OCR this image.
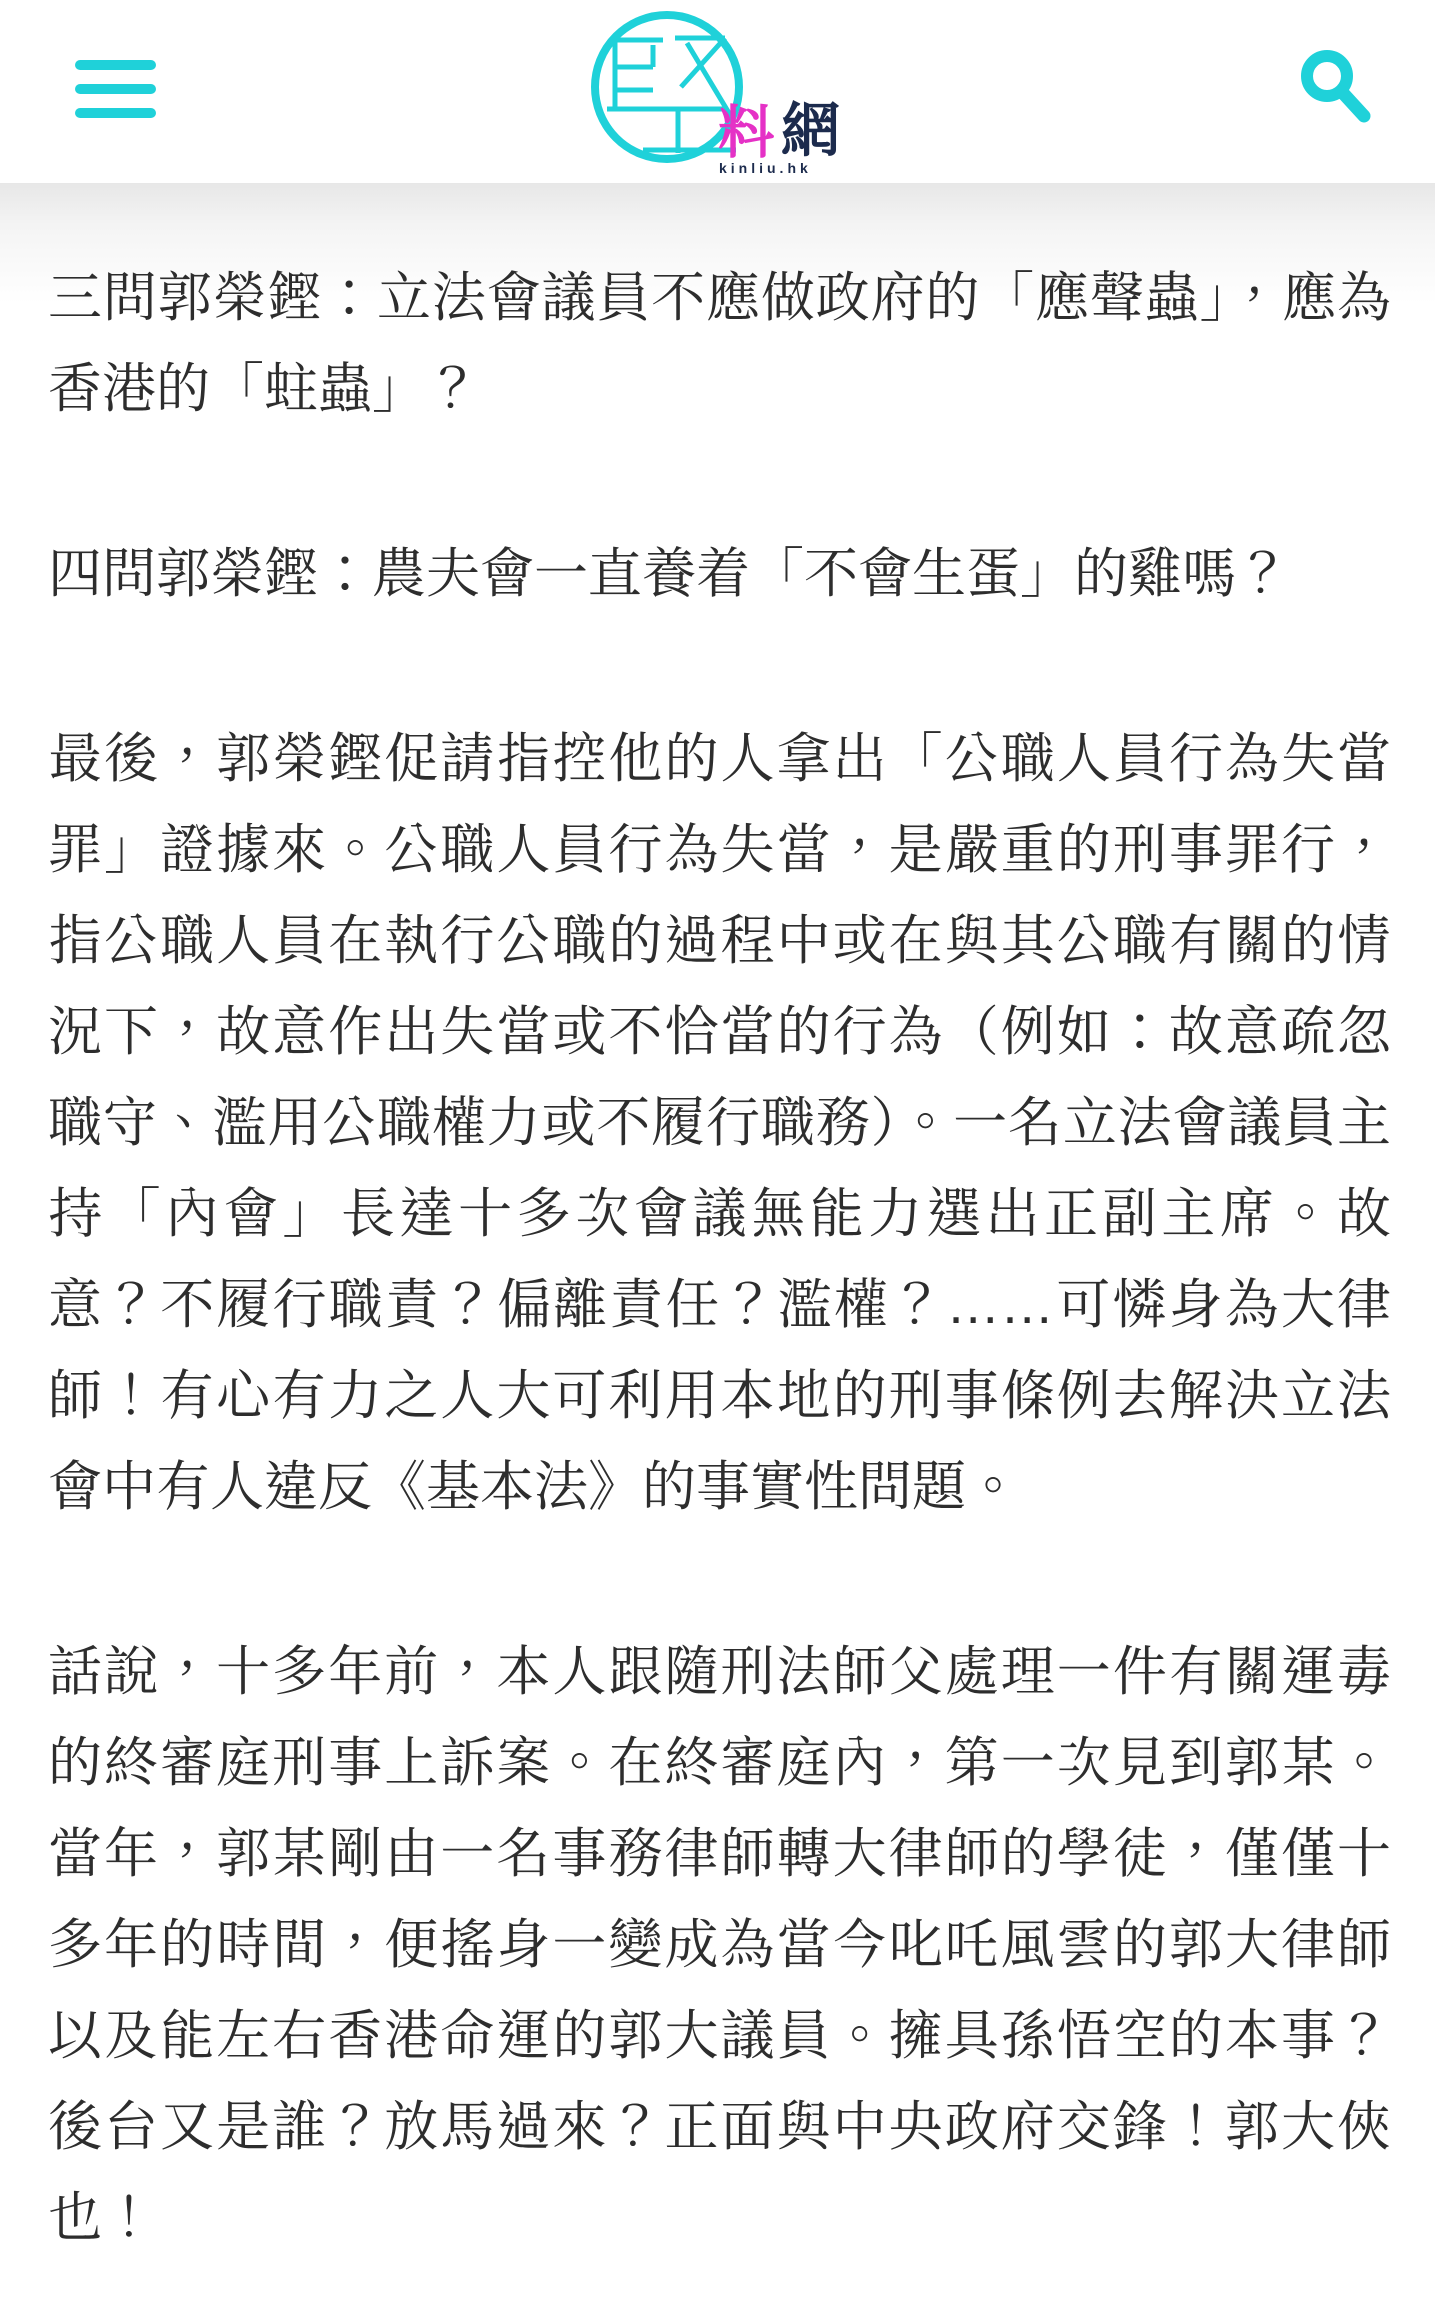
料 網
kinliu.hk

三問郭榮鏗：立法會議員不應做政府的「應聲蟲」，應為香港的「蛀蟲」？

四問郭榮鏗：農夫會一直養着「不會生蛋」的雞嗎？

最後，郭榮鏗促請指控他的人拿出「公職人員行為失當罪」證據來。公職人員行為失當，是嚴重的刑事罪行，指公職人員在執行公職的過程中或在與其公職有關的情況下，故意作出失當或不恰當的行為（例如：故意疏忽職守、濫用公職權力或不履行職務）。一名立法會議員主持「內會」長達十多次會議無能力選出正副主席。故意？不履行職責？偏離責任？濫權？……可憐身為大律師！有心有力之人大可利用本地的刑事條例去解決立法會中有人違反《基本法》的事實性問題。

話說，十多年前，本人跟隨刑法師父處理一件有關運毒的終審庭刑事上訴案。在終審庭內，第一次見到郭某。當年，郭某剛由一名事務律師轉大律師的學徒，僅僅十多年的時間，便搖身一變成為當今叱吒風雲的郭大律師以及能左右香港命運的郭大議員。擁具孫悟空的本事？後台又是誰？放馬過來？正面與中央政府交鋒！郭大俠也！
